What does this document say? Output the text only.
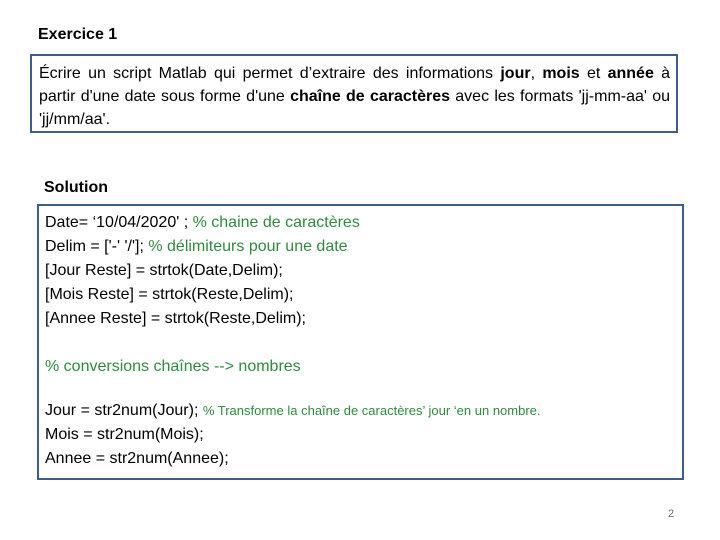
Exercice 1
Écrire un script Matlab qui permet d’extraire des informations jour, mois et année à partir d'une date sous forme d'une chaîne de caractères avec les formats 'jj-mm-aa' ou 'jj/mm/aa'.
Solution
Date= ‘10/04/2020' ; % chaine de caractères
Delim = ['-' '/']; % délimiteurs pour une date
[Jour Reste] = strtok(Date,Delim);
[Mois Reste] = strtok(Reste,Delim);
[Annee Reste] = strtok(Reste,Delim);
% conversions chaînes --> nombres
Jour = str2num(Jour); % Transforme la chaîne de caractères’ jour ‘en un nombre.
Mois = str2num(Mois);
Annee = str2num(Annee);
2
